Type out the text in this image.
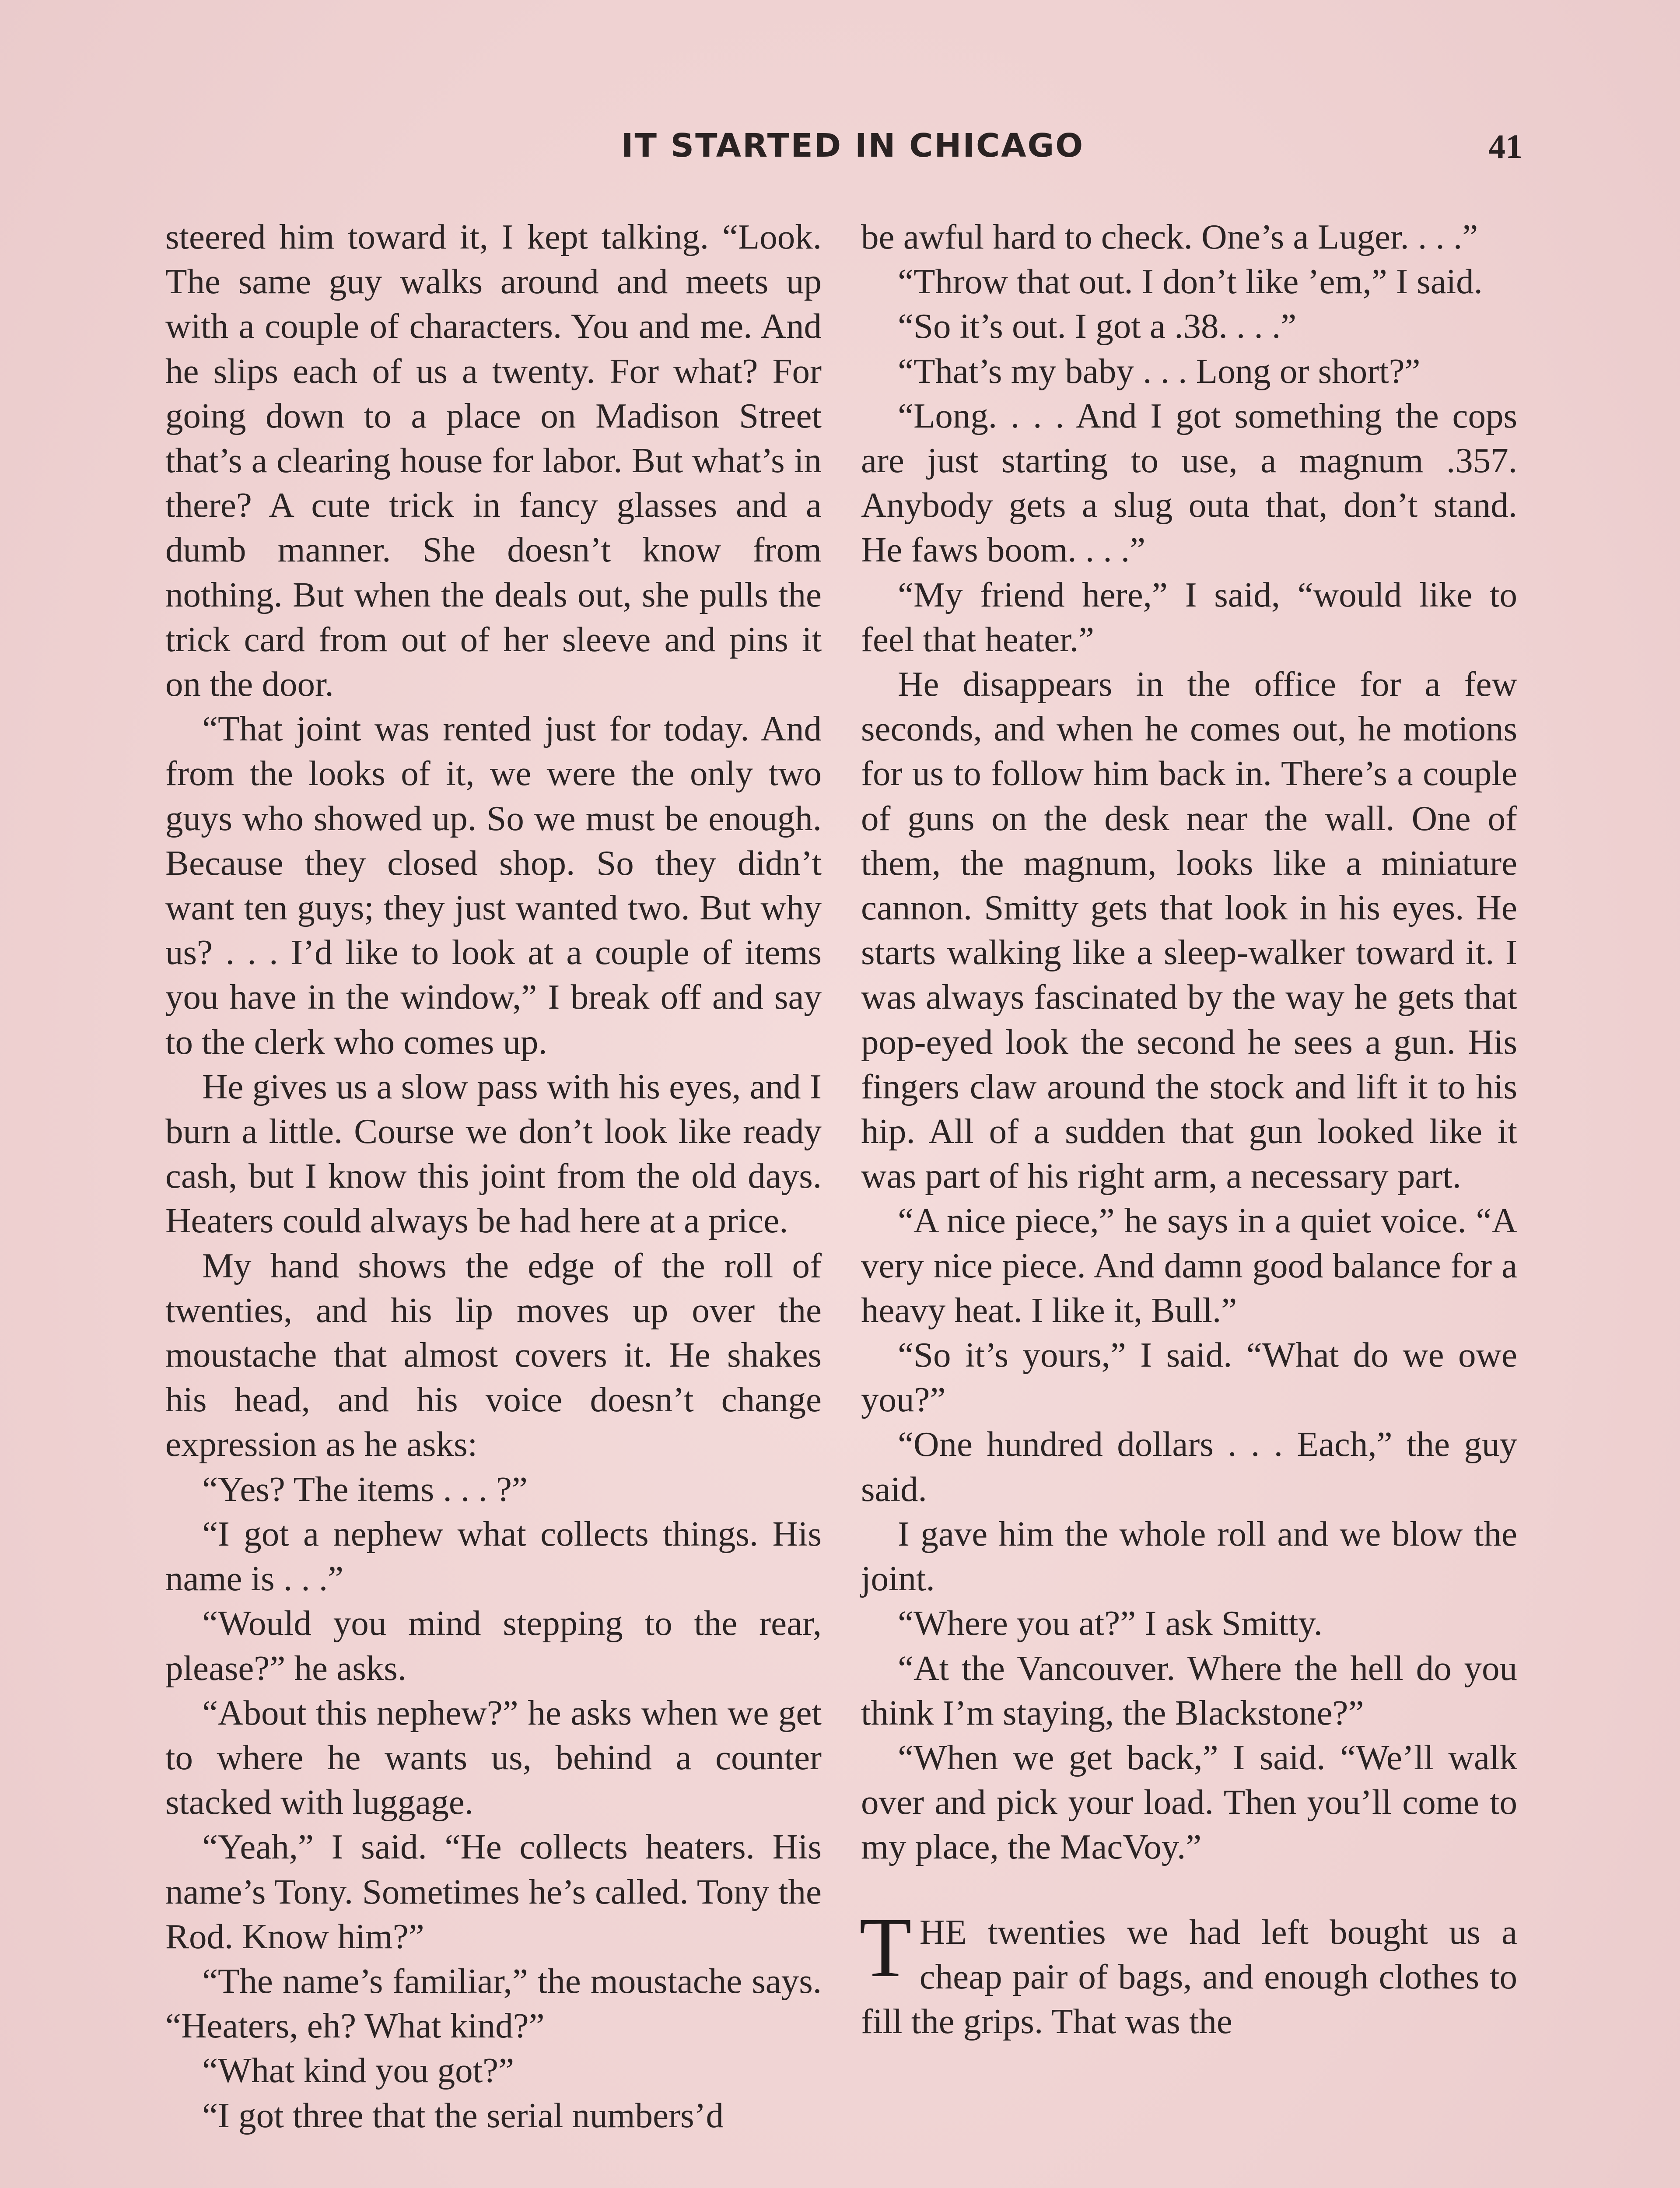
IT STARTED IN CHICAGO	41

steered him toward it, I kept talking. “Look. The same guy walks around and meets up with a couple of characters. You and me. And he slips each of us a twenty. For what? For going down to a place on Madison Street that’s a clearing house for labor. But what’s in there? A cute trick in fancy glasses and a dumb manner. She doesn’t know from nothing. But when the deals out, she pulls the trick card from out of her sleeve and pins it on the door.

“That joint was rented just for today. And from the looks of it, we were the only two guys who showed up. So we must be enough. Because they closed shop. So they didn’t want ten guys; they just wanted two. But why us? . . . I’d like to look at a couple of items you have in the window,” I break off and say to the clerk who comes up.

He gives us a slow pass with his eyes, and I burn a little. Course we don’t look like ready cash, but I know this joint from the old days. Heaters could always be had here at a price.

My hand shows the edge of the roll of twenties, and his lip moves up over the moustache that almost covers it. He shakes his head, and his voice doesn’t change expression as he asks:

“Yes? The items . . . ?”

“I got a nephew what collects things. His name is . . .”

“Would you mind stepping to the rear, please?” he asks.

“About this nephew?” he asks when we get to where he wants us, behind a counter stacked with luggage.

“Yeah,” I said. “He collects heaters. His name’s Tony. Sometimes he’s called. Tony the Rod. Know him?”

“The name’s familiar,” the moustache says. “Heaters, eh? What kind?”

“What kind you got?”

“I got three that the serial numbers’d

be awful hard to check. One’s a Luger. . . .”

“Throw that out. I don’t like ’em,” I said.

“So it’s out. I got a .38. . . .”

“That’s my baby . . . Long or short?”

“Long. . . . And I got something the cops are just starting to use, a magnum .357. Anybody gets a slug outa that, don’t stand. He faws boom. . . .”

“My friend here,” I said, “would like to feel that heater.”

He disappears in the office for a few seconds, and when he comes out, he motions for us to follow him back in. There’s a couple of guns on the desk near the wall. One of them, the magnum, looks like a miniature cannon. Smitty gets that look in his eyes. He starts walking like a sleep-walker toward it. I was always fascinated by the way he gets that pop-eyed look the second he sees a gun. His fingers claw around the stock and lift it to his hip. All of a sudden that gun looked like it was part of his right arm, a necessary part.

“A nice piece,” he says in a quiet voice. “A very nice piece. And damn good balance for a heavy heat. I like it, Bull.”

“So it’s yours,” I said. “What do we owe you?”

“One hundred dollars . . . Each,” the guy said.

I gave him the whole roll and we blow the joint.

“Where you at?” I ask Smitty.

“At the Vancouver. Where the hell do you think I’m staying, the Blackstone?”

“When we get back,” I said. “We’ll walk over and pick your load. Then you’ll come to my place, the MacVoy.”

THE twenties we had left bought us a cheap pair of bags, and enough clothes to fill the grips. That was the
